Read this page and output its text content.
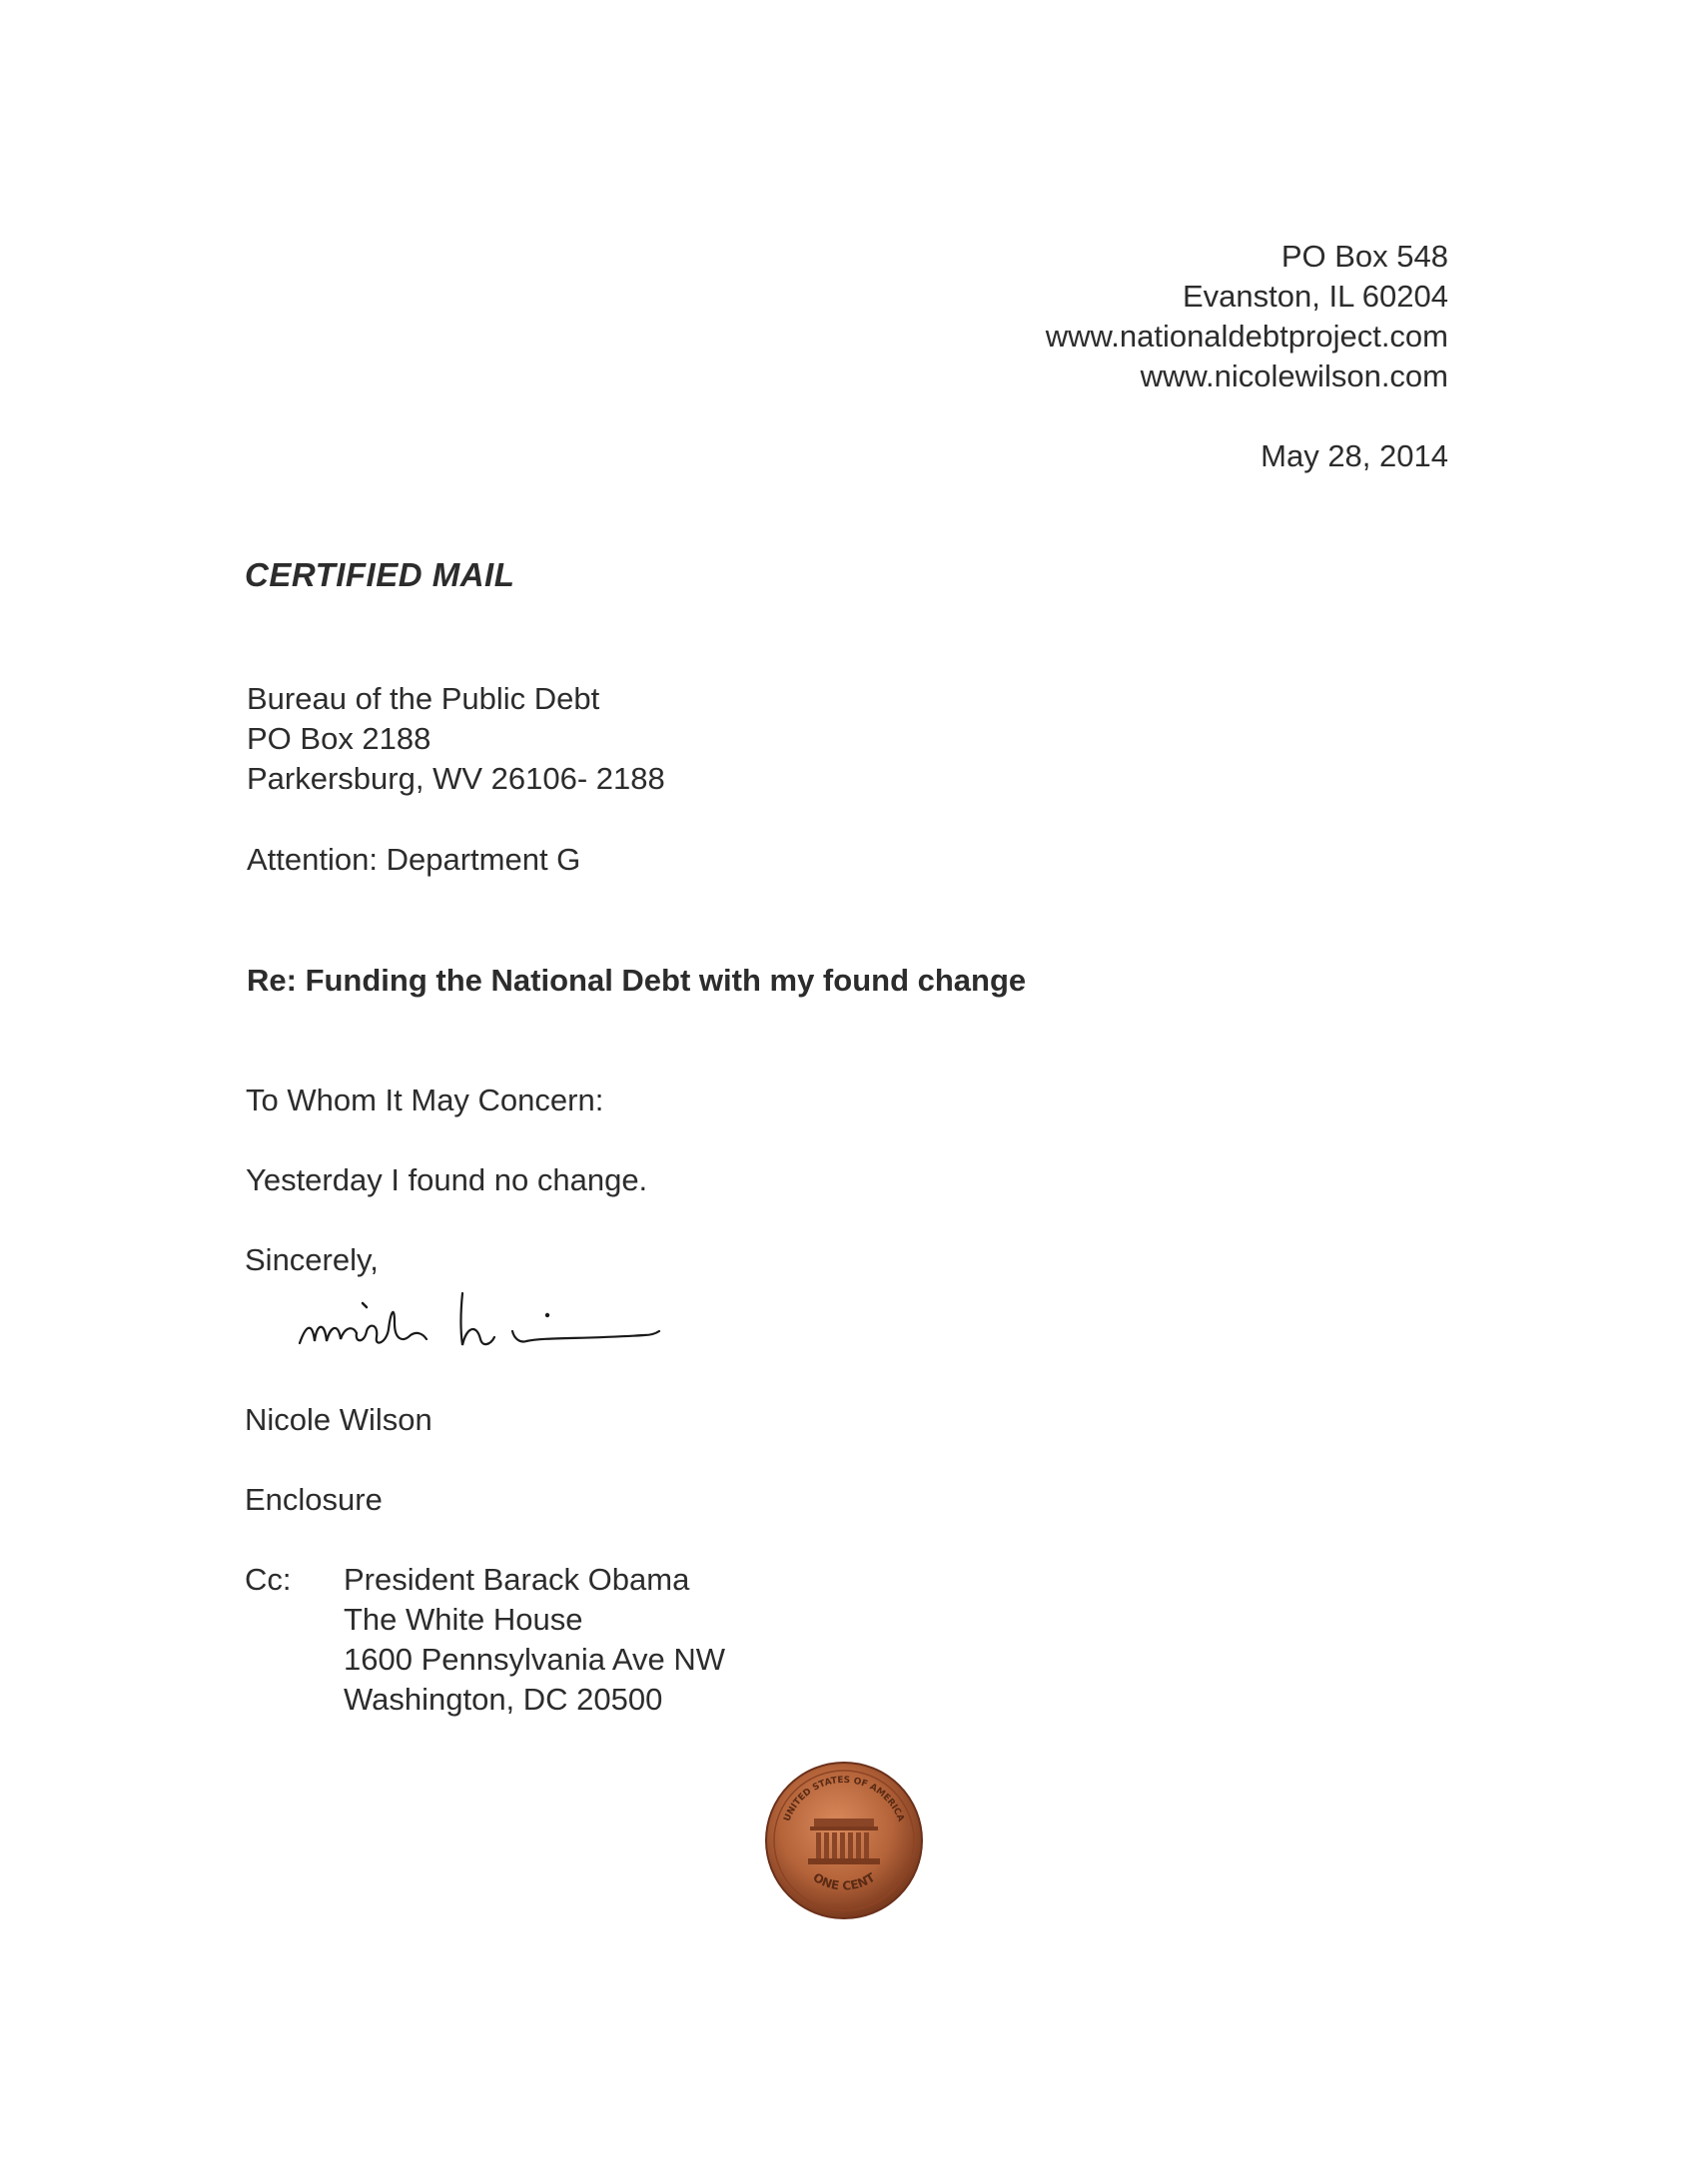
PO Box 548
Evanston, IL 60204
www.nationaldebtproject.com
www.nicolewilson.com
May 28, 2014
CERTIFIED MAIL
Bureau of the Public Debt
PO Box 2188
Parkersburg, WV 26106- 2188
Attention: Department G
Re: Funding the National Debt with my found change
To Whom It May Concern:
Yesterday I found no change.
Sincerely,
Nicole Wilson
Enclosure
Cc: President Barack Obama
The White House
1600 Pennsylvania Ave NW
Washington, DC 20500
UNITED STATES OF AMERICA
ONE CENT
